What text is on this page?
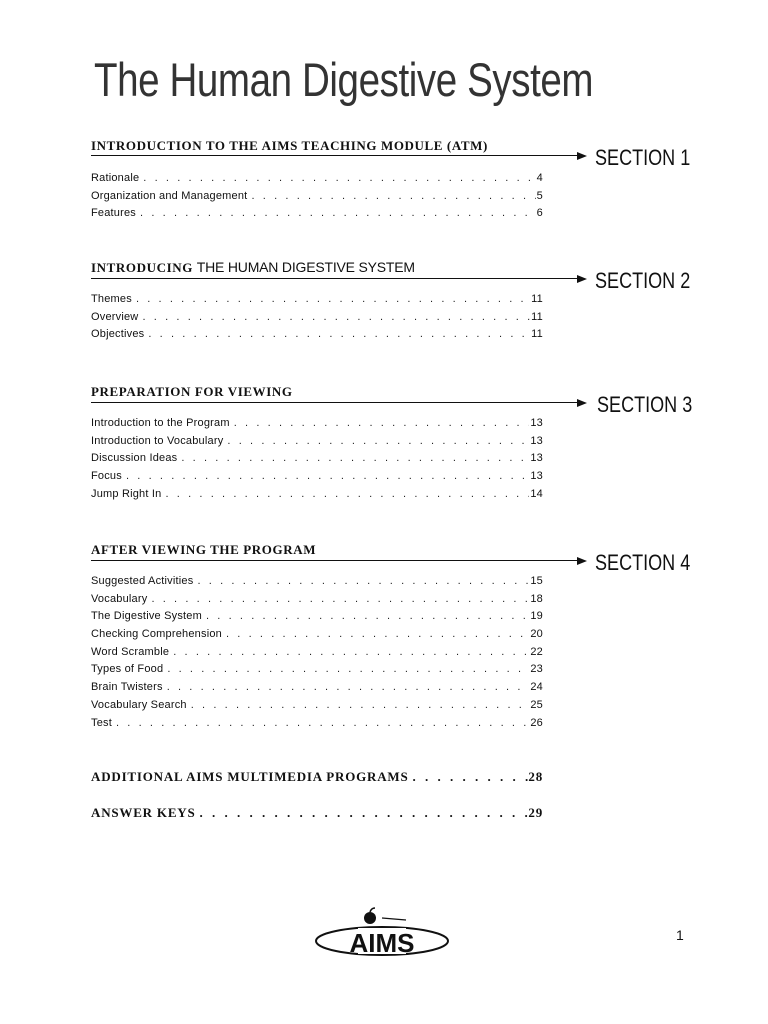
The Human Digestive System
INTRODUCTION TO THE AIMS TEACHING MODULE (ATM)	SECTION 1
Rationale . . .	4
Organization and Management . . .	5
Features . . .	6
INTRODUCING THE HUMAN DIGESTIVE SYSTEM
SECTION 2
Themes . . .	11
Overview . . .	11
Objectives . . .	11
PREPARATION FOR VIEWING
SECTION 3
Introduction to the Program . . .	13
Introduction to Vocabulary . . .	13
Discussion Ideas . . .	13
Focus . . .	13
Jump Right In . . .	14
AFTER VIEWING THE PROGRAM
SECTION 4
Suggested Activities . . .	15
Vocabulary . . .	18
The Digestive System . . .	19
Checking Comprehension . . .	20
Word Scramble . . .	22
Types of Food . . .	23
Brain Twisters . . .	24
Vocabulary Search . . .	25
Test . . .	26
ADDITIONAL AIMS MULTIMEDIA PROGRAMS . . .	28
ANSWER KEYS . . .	29
AIMS	1
